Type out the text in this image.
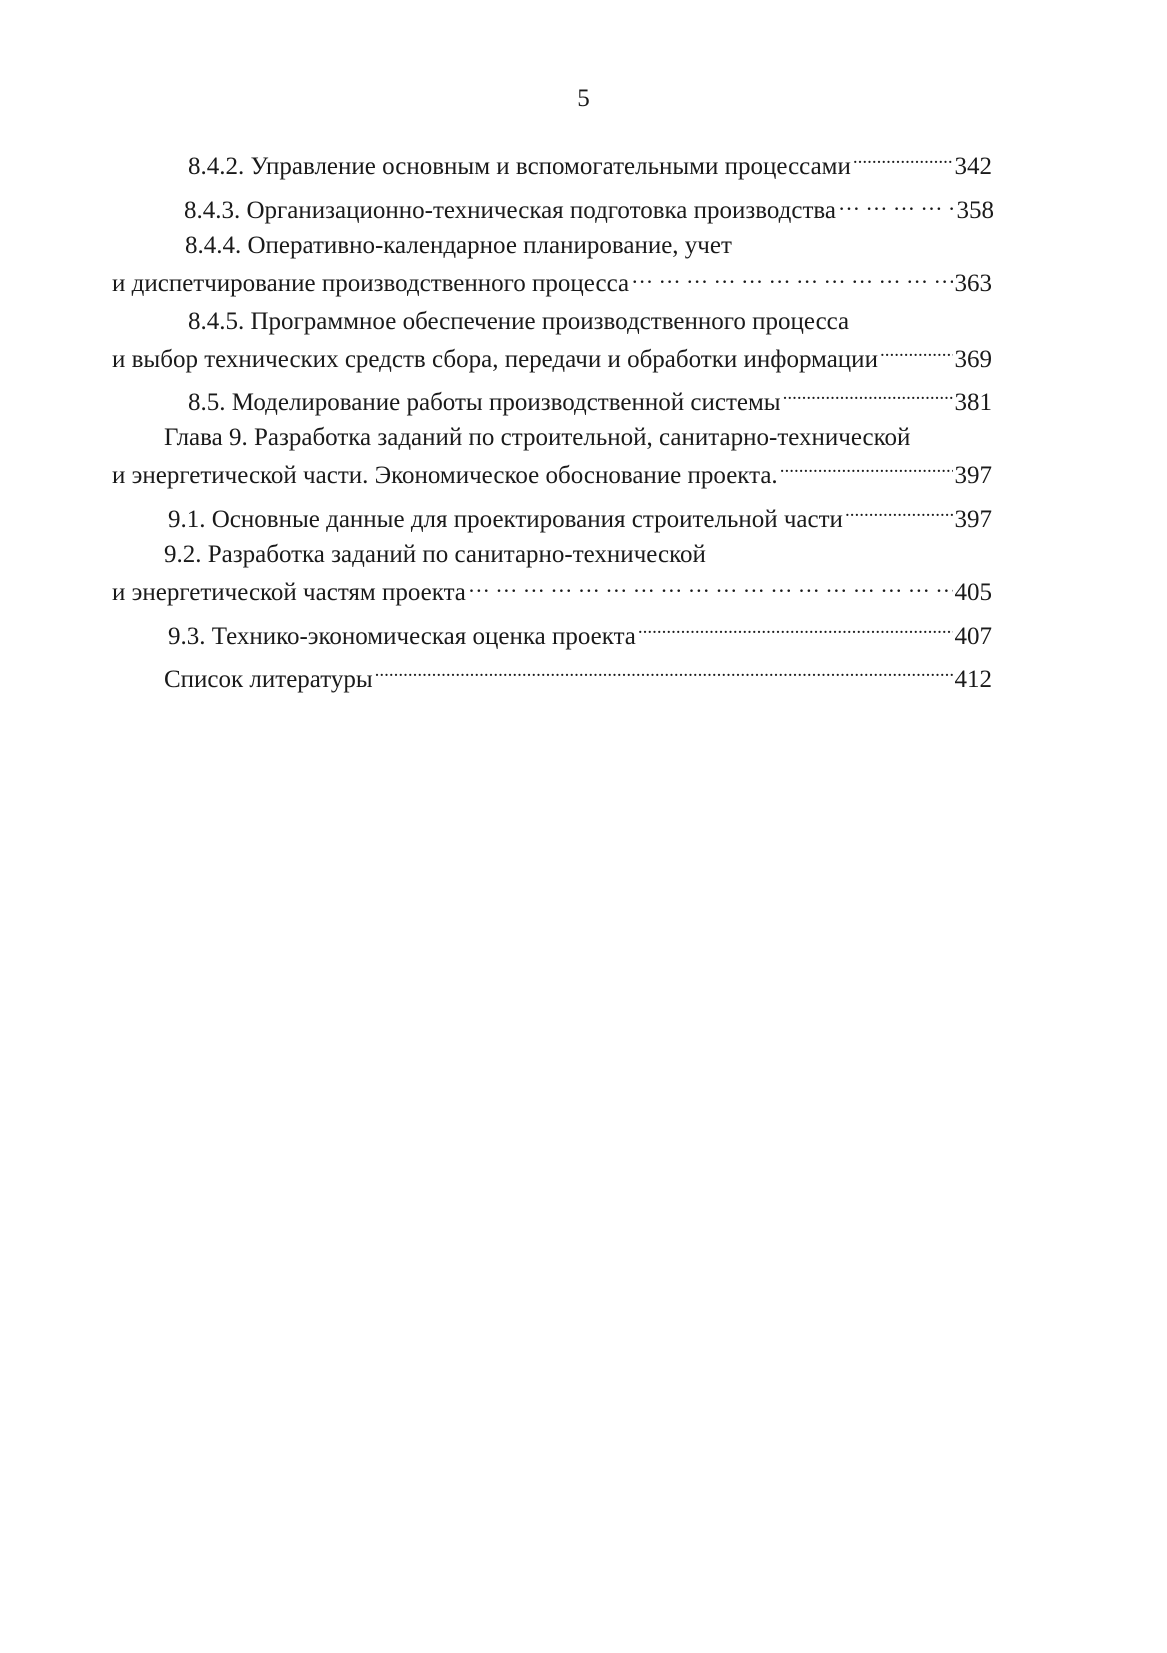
5
8.4.2. Управление основным и вспомогательными процессами .....	342
8.4.3. Организационно-техническая подготовка производства … … … … … … … … … … … … … … … … … … … … … … … … … … … … … … … … … … … … … … … … … … … … …	358
8.4.4. Оперативно-календарное планирование, учет
и диспетчирование производственного процесса … … … … … … … … … … … … … … … … … … … … … … … … … … … … … … … … … … … … … … … … … … … … …	363
8.4.5. Программное обеспечение производственного процесса
и выбор технических средств сбора, передачи и обработки информации .....	369
8.5. Моделирование работы производственной системы .....	381
Глава 9. Разработка заданий по строительной, санитарно-технической
и энергетической части. Экономическое обоснование проекта. .....	397
9.1. Основные данные для проектирования строительной части .....	397
9.2. Разработка заданий по санитарно-технической
и энергетической частям проекта … … … … … … … … … … … … … … … … … … … … … … … … … … … … … … … … … … … … … … … … … … … … …	405
9.3. Технико-экономическая оценка проекта .....	407
Список литературы .....	412
